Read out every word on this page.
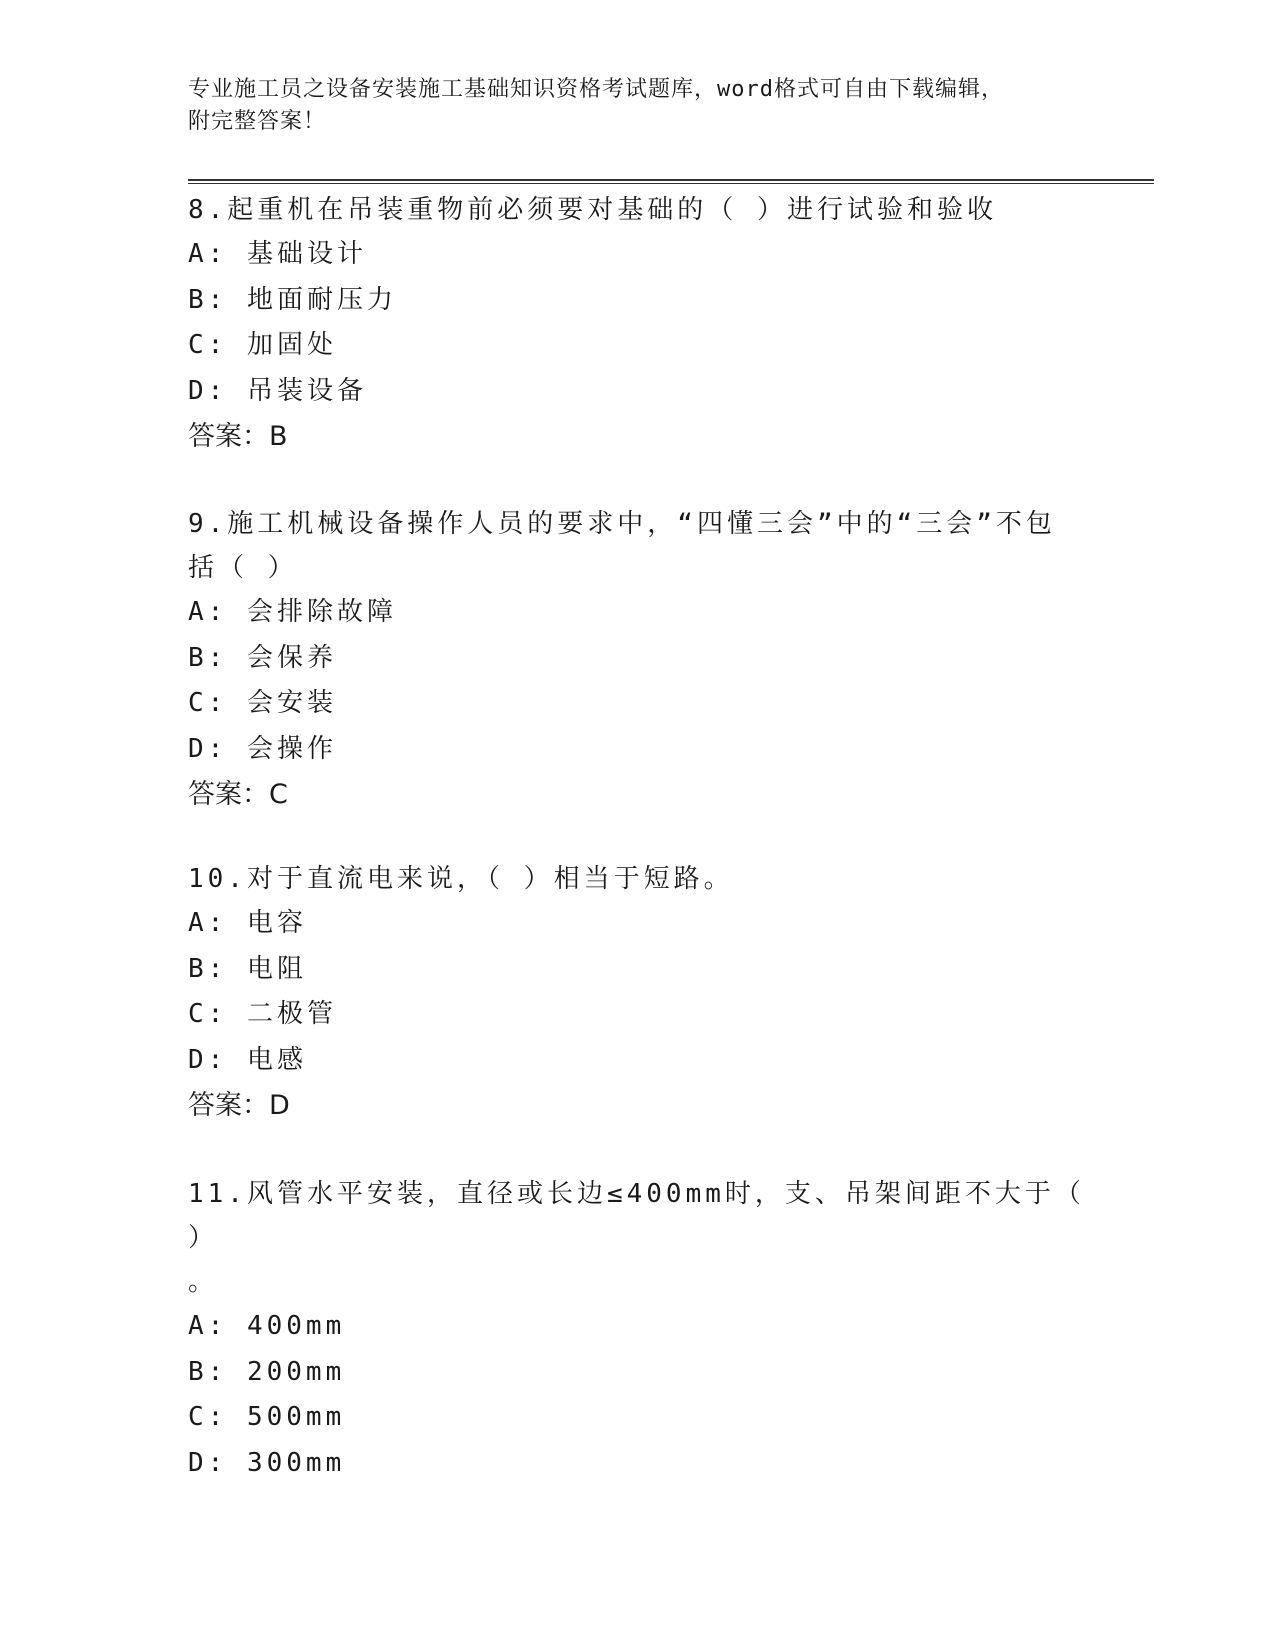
专业施工员之设备安装施工基础知识资格考试题库，word格式可自由下载编辑，
附完整答案！

8.起重机在吊装重物前必须要对基础的（ ）进行试验和验收

A: 基础设计

B: 地面耐压力

C: 加固处

D: 吊装设备

答案：B

9.施工机械设备操作人员的要求中，“四懂三会”中的“三会”不包

括（ ）

A: 会排除故障

B: 会保养

C: 会安装

D: 会操作

答案：C

10.对于直流电来说，（ ）相当于短路。

A: 电容

B: 电阻

C: 二极管

D: 电感

答案：D

11.风管水平安装，直径或长边≤400mm时，支、吊架间距不大于（ ）

。

A: 400mm

B: 200mm

C: 500mm

D: 300mm
